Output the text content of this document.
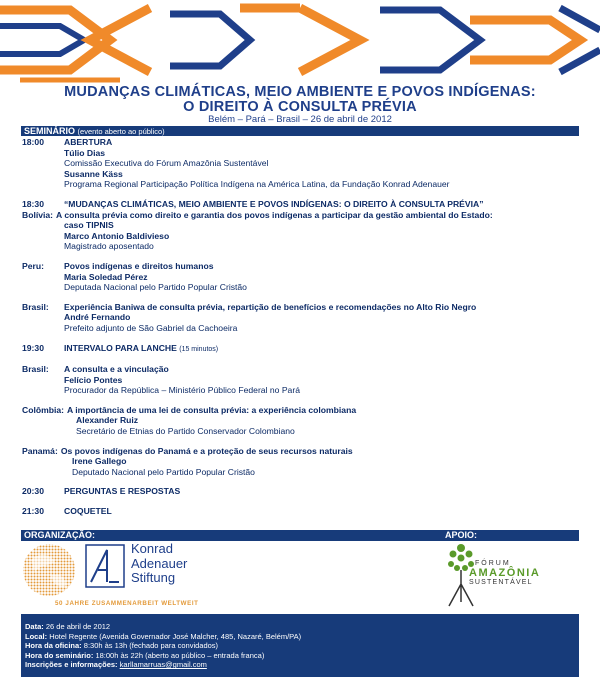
MUDANÇAS CLIMÁTICAS, MEIO AMBIENTE E POVOS INDÍGENAS:
O DIREITO À CONSULTA PRÉVIA
Belém – Pará – Brasil – 26 de abril de 2012
SEMINÁRIO (evento aberto ao público)
18:00	ABERTURA
Túlio Dias
Comissão Executiva do Fórum Amazônia Sustentável
Susanne Käss
Programa Regional Participação Política Indígena na América Latina, da Fundação Konrad Adenauer
18:30	“MUDANÇAS CLIMÁTICAS, MEIO AMBIENTE E POVOS INDÍGENAS: O DIREITO À CONSULTA PRÉVIA”
Bolívia: A consulta prévia como direito e garantia dos povos indígenas a participar da gestão ambiental do Estado:
caso TIPNIS
Marco Antonio Baldivieso
Magistrado aposentado
Peru:	Povos indígenas e direitos humanos
Maria Soledad Pérez
Deputada Nacional pelo Partido Popular Cristão
Brasil:	Experiência Baniwa de consulta prévia, repartição de benefícios e recomendações no Alto Rio Negro
André Fernando
Prefeito adjunto de São Gabriel da Cachoeira
19:30	INTERVALO PARA LANCHE (15 minutos)
Brasil:	A consulta e a vinculação
Felício Pontes
Procurador da República – Ministério Público Federal no Pará
Colômbia: A importância de uma lei de consulta prévia: a experiência colombiana
Alexander Ruiz
Secretário de Etnias do Partido Conservador Colombiano
Panamá: Os povos indígenas do Panamá e a proteção de seus recursos naturais
Irene Gallego
Deputado Nacional pelo Partido Popular Cristão
20:30	PERGUNTAS E RESPOSTAS
21:30	COQUETEL
ORGANIZAÇÃO:	APOIO:
Konrad
Adenauer
Stiftung
50 JAHRE ZUSAMMENARBEIT WELTWEIT
FÓRUM
AMAZÔNIA
SUSTENTÁVEL
Data: 26 de abril de 2012
Local: Hotel Regente (Avenida Governador José Malcher, 485, Nazaré, Belém/PA)
Hora da oficina: 8:30h às 13h (fechado para convidados)
Hora do seminário: 18:00h às 22h (aberto ao público – entrada franca)
Inscrições e informações: karllamarruas@gmail.com
